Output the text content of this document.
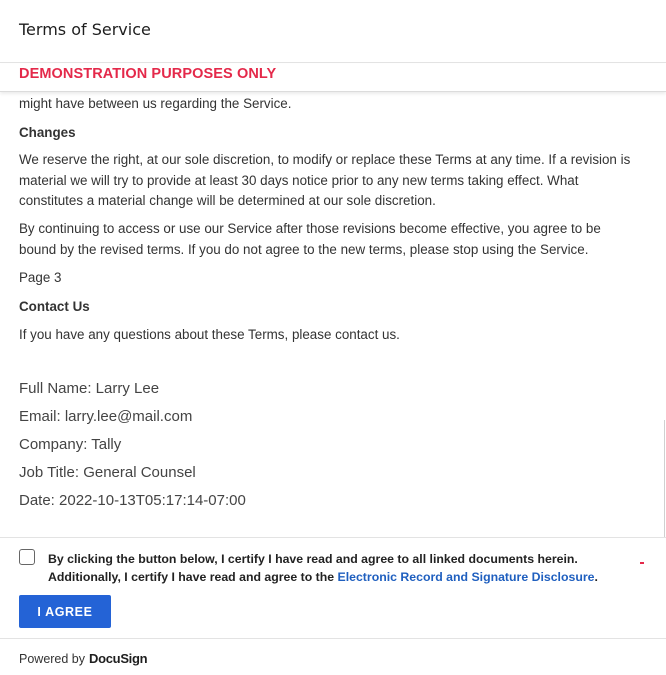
Terms of Service
DEMONSTRATION PURPOSES ONLY

might have between us regarding the Service.

Changes

We reserve the right, at our sole discretion, to modify or replace these Terms at any time. If a revision is material we will try to provide at least 30 days notice prior to any new terms taking effect. What constitutes a material change will be determined at our sole discretion.

By continuing to access or use our Service after those revisions become effective, you agree to be bound by the revised terms. If you do not agree to the new terms, please stop using the Service.

Page 3

Contact Us

If you have any questions about these Terms, please contact us.

Full Name: Larry Lee
Email: larry.lee@mail.com
Company: Tally
Job Title: General Counsel
Date: 2022-10-13T05:17:14-07:00
By clicking the button below, I certify I have read and agree to all linked documents herein. Additionally, I certify I have read and agree to the Electronic Record and Signature Disclosure.
I AGREE
Powered by DocuSign
